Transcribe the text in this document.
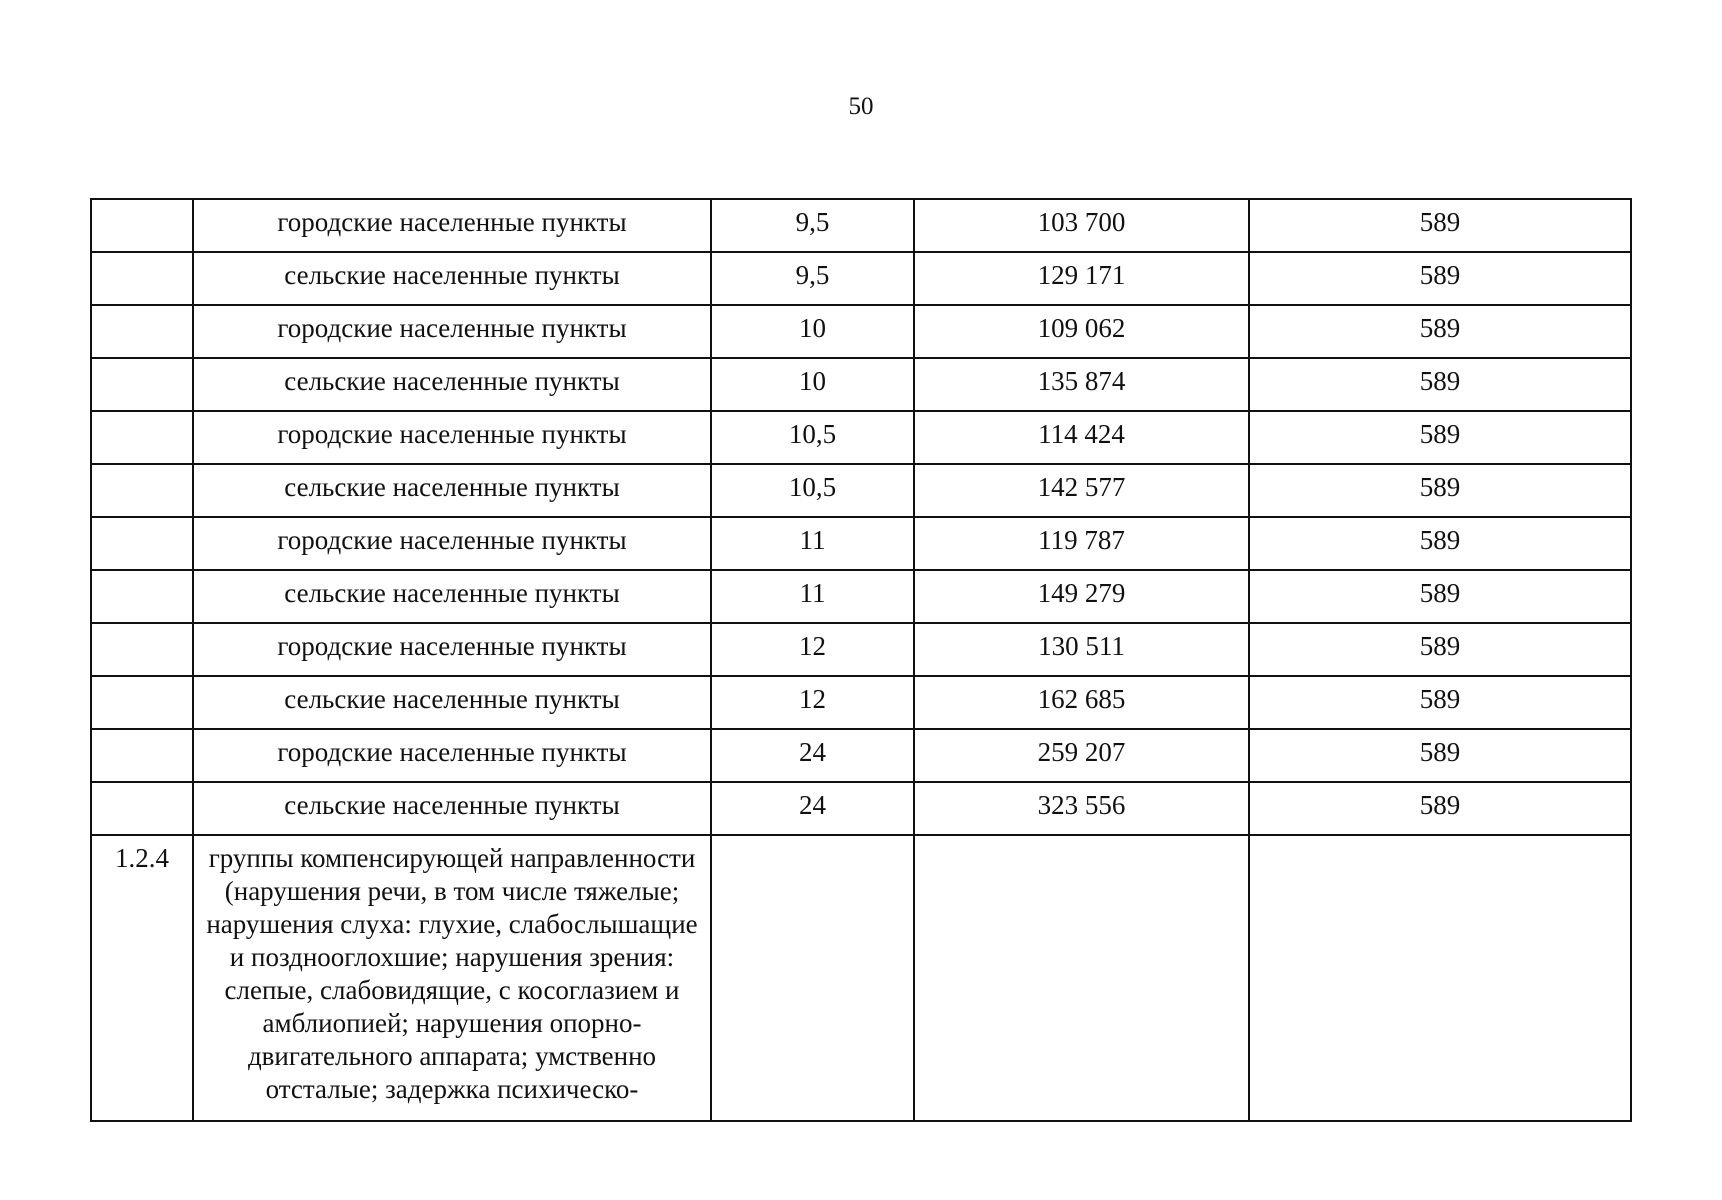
50
	городские населенные пункты	9,5	103 700	589
	сельские населенные пункты	9,5	129 171	589
	городские населенные пункты	10	109 062	589
	сельские населенные пункты	10	135 874	589
	городские населенные пункты	10,5	114 424	589
	сельские населенные пункты	10,5	142 577	589
	городские населенные пункты	11	119 787	589
	сельские населенные пункты	11	149 279	589
	городские населенные пункты	12	130 511	589
	сельские населенные пункты	12	162 685	589
	городские населенные пункты	24	259 207	589
	сельские населенные пункты	24	323 556	589
1.2.4	группы компенсирующей направленности (нарушения речи, в том числе тяжелые; нарушения слуха: глухие, слабослышащие и позднооглохшие; нарушения зрения: слепые, слабовидящие, с косоглазием и амблиопией; нарушения опорно-двигательного аппарата; умственно отсталые; задержка психическо-			
